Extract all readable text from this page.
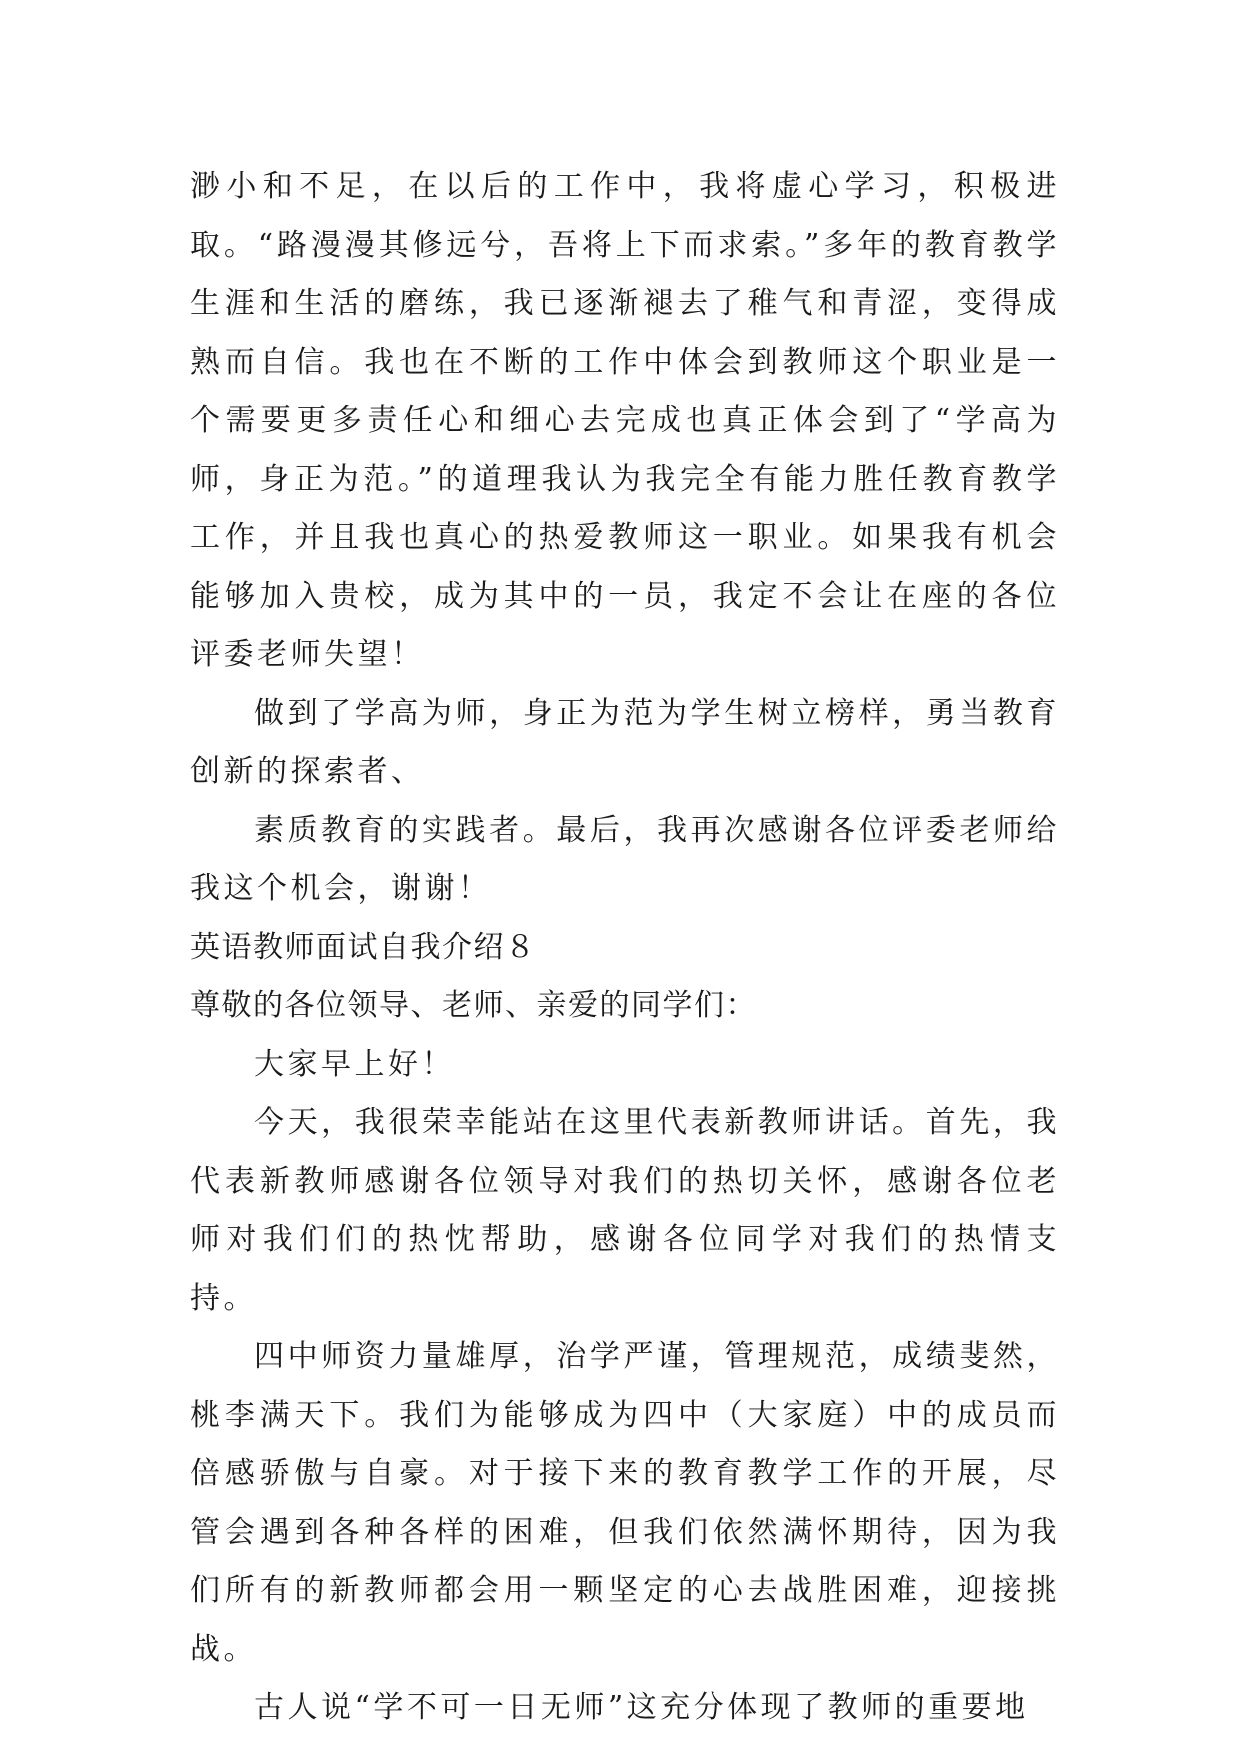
渺小和不足，在以后的工作中，我将虚心学习，积极进取。“路漫漫其修远兮，吾将上下而求索。”多年的教育教学生涯和生活的磨练，我已逐渐褪去了稚气和青涩，变得成熟而自信。我也在不断的工作中体会到教师这个职业是一个需要更多责任心和细心去完成也真正体会到了“学高为师，身正为范。”的道理我认为我完全有能力胜任教育教学工作，并且我也真心的热爱教师这一职业。如果我有机会能够加入贵校，成为其中的一员，我定不会让在座的各位评委老师失望！

做到了学高为师，身正为范为学生树立榜样，勇当教育创新的探索者、

素质教育的实践者。最后，我再次感谢各位评委老师给我这个机会，谢谢！

英语教师面试自我介绍８

尊敬的各位领导、老师、亲爱的同学们：

大家早上好！

今天，我很荣幸能站在这里代表新教师讲话。首先，我代表新教师感谢各位领导对我们的热切关怀，感谢各位老师对我们们的热忱帮助，感谢各位同学对我们的热情支持。

四中师资力量雄厚，治学严谨，管理规范，成绩斐然，桃李满天下。我们为能够成为四中（大家庭）中的成员而倍感骄傲与自豪。对于接下来的教育教学工作的开展，尽管会遇到各种各样的困难，但我们依然满怀期待，因为我们所有的新教师都会用一颗坚定的心去战胜困难，迎接挑战。

古人说“学不可一日无师”这充分体现了教师的重要地
